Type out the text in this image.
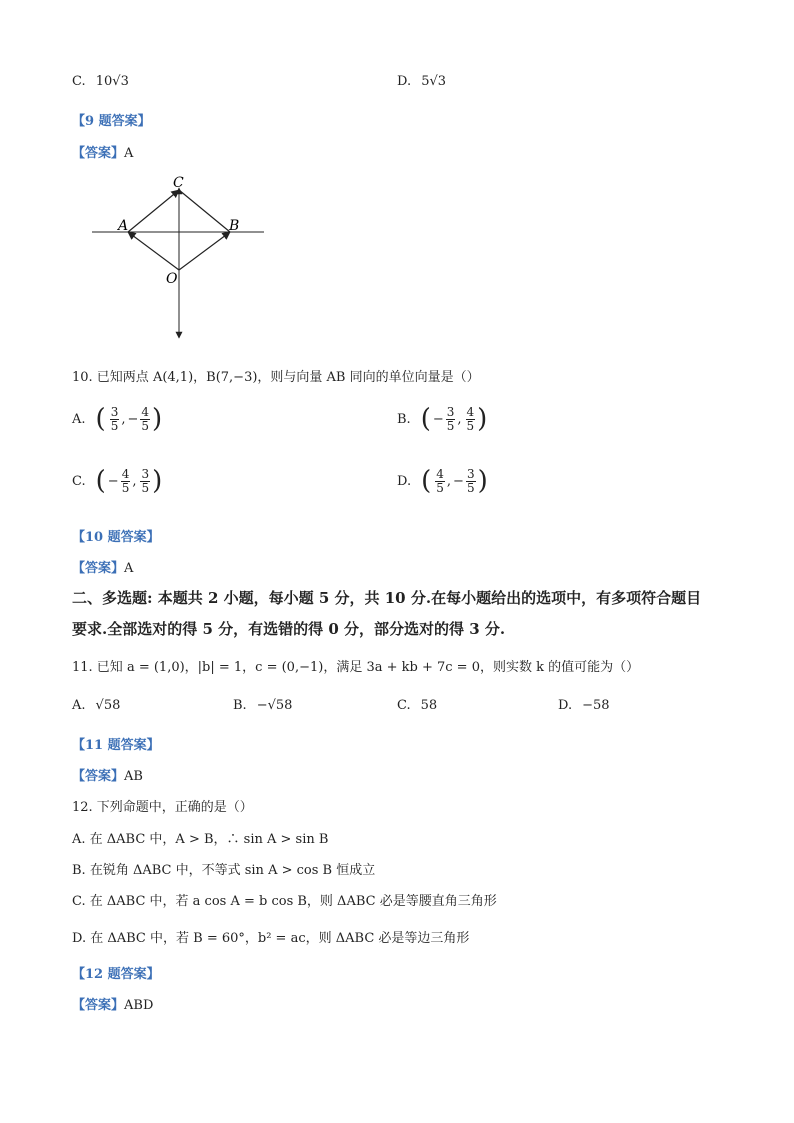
C. 10√3	D. 5√3
【9 题答案】
【答案】A
C
A	B
O
10. 已知两点 A(4,1)，B(7,−3)，则与向量 AB 同向的单位向量是（）
A. ( $\frac{3}{5}$ , − $\frac{4}{5}$ )	B. ( − $\frac{3}{5}$ , $\frac{4}{5}$ )
C. ( − $\frac{4}{5}$ , $\frac{3}{5}$ )	D. ( $\frac{4}{5}$ , − $\frac{3}{5}$ )
【10 题答案】
【答案】A
二、多选题: 本题共 2 小题，每小题 5 分，共 10 分.在每小题给出的选项中，有多项符合题目
要求.全部选对的得 5 分，有选错的得 0 分，部分选对的得 3 分.
11. 已知 a = (1,0)，|b| = 1，c = (0,−1)，满足 3a + kb + 7c = 0，则实数 k 的值可能为（）
A. √58	B. −√58	C. 58	D. −58
【11 题答案】
【答案】AB
12. 下列命题中，正确的是（）
A. 在 ΔABC 中，A > B，∴ sin A > sin B
B. 在锐角 ΔABC 中，不等式 sin A > cos B 恒成立
C. 在 ΔABC 中，若 a cos A = b cos B，则 ΔABC 必是等腰直角三角形
D. 在 ΔABC 中，若 B = 60°，b² = ac，则 ΔABC 必是等边三角形
【12 题答案】
【答案】ABD
